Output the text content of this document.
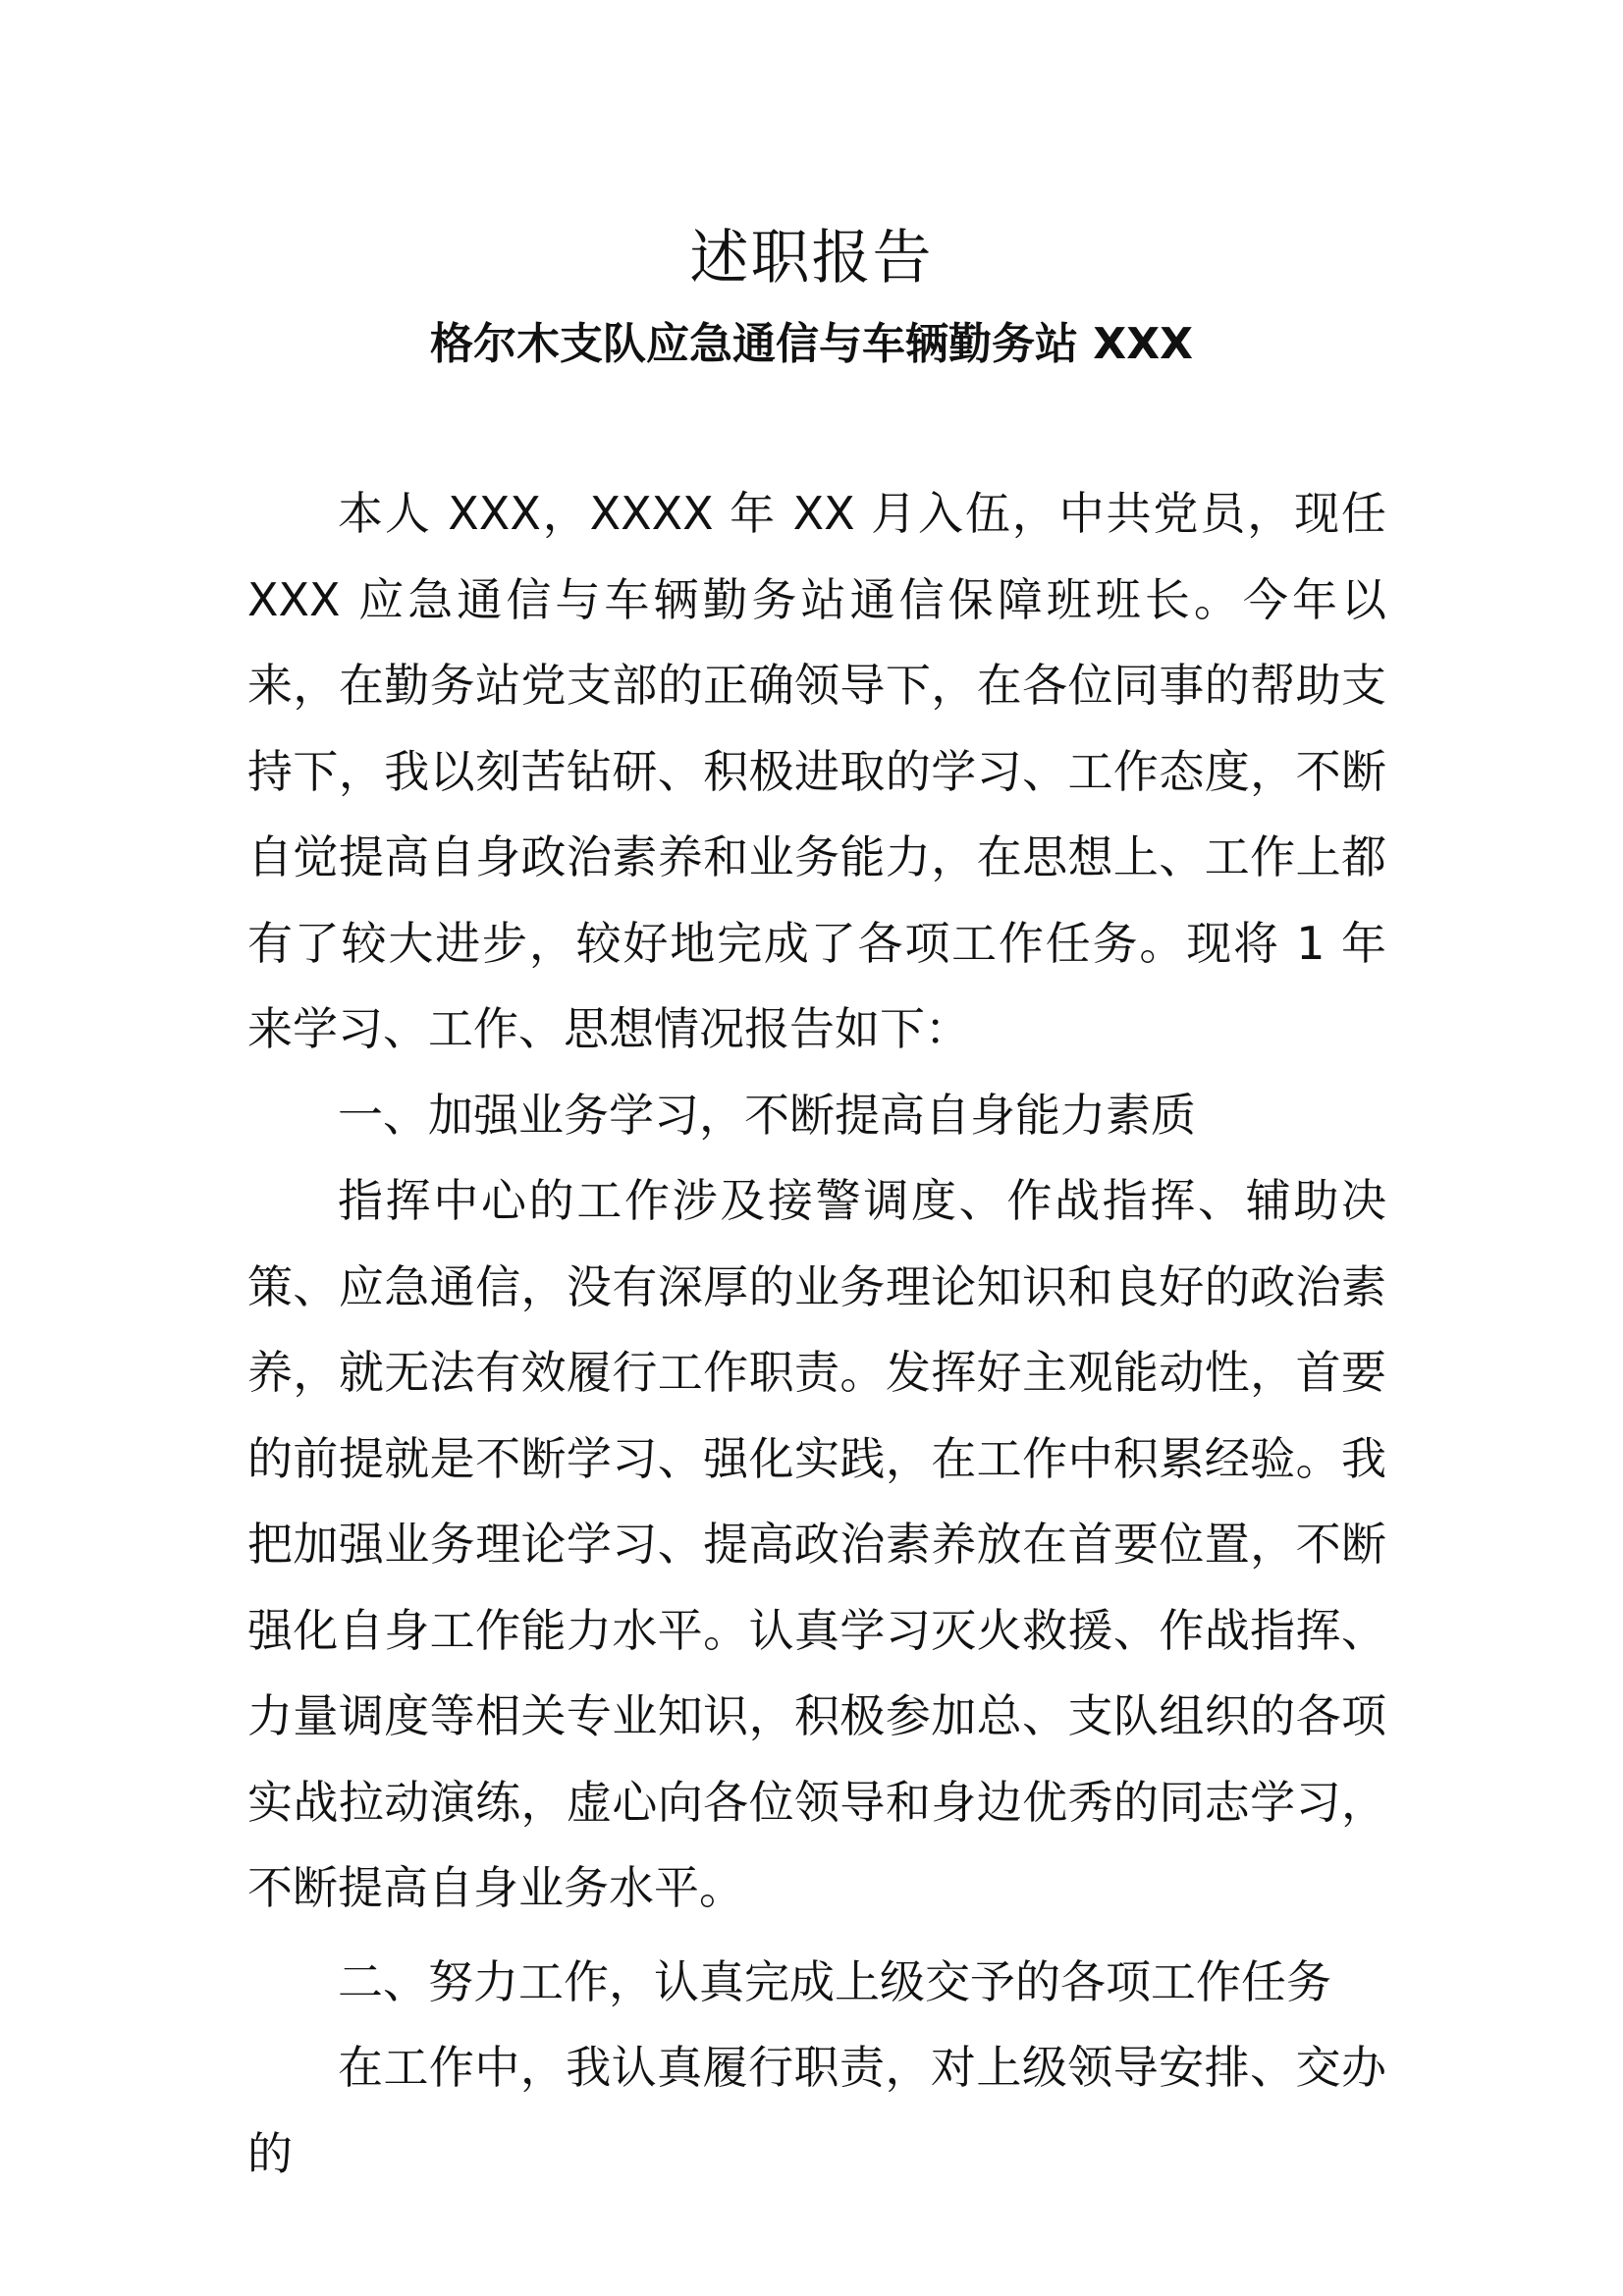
述职报告
格尔木支队应急通信与车辆勤务站 XXX

本人 XXX，XXXX 年 XX 月入伍，中共党员，现任 XXX 应急通信与车辆勤务站通信保障班班长。今年以来，在勤务站党支部的正确领导下，在各位同事的帮助支持下，我以刻苦钻研、积极进取的学习、工作态度，不断自觉提高自身政治素养和业务能力，在思想上、工作上都有了较大进步，较好地完成了各项工作任务。现将 1 年来学习、工作、思想情况报告如下：

一、加强业务学习，不断提高自身能力素质

指挥中心的工作涉及接警调度、作战指挥、辅助决策、应急通信，没有深厚的业务理论知识和良好的政治素养，就无法有效履行工作职责。发挥好主观能动性，首要的前提就是不断学习、强化实践，在工作中积累经验。我把加强业务理论学习、提高政治素养放在首要位置，不断强化自身工作能力水平。认真学习灭火救援、作战指挥、力量调度等相关专业知识，积极参加总、支队组织的各项实战拉动演练，虚心向各位领导和身边优秀的同志学习，不断提高自身业务水平。

二、努力工作，认真完成上级交予的各项工作任务

在工作中，我认真履行职责，对上级领导安排、交办的
